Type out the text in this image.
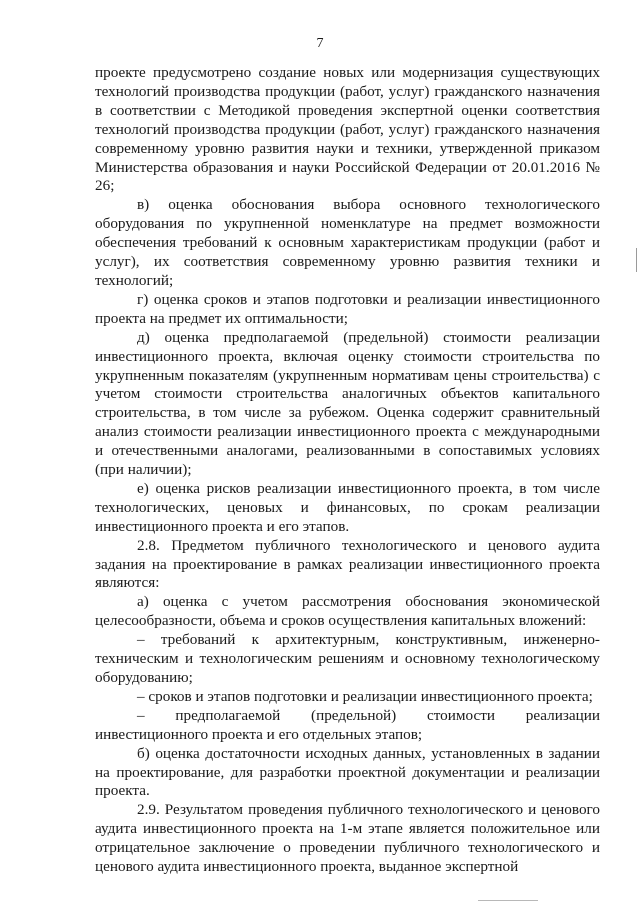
7

проекте предусмотрено создание новых или модернизация существующих технологий производства продукции (работ, услуг) гражданского назначения в соответствии с Методикой проведения экспертной оценки соответствия технологий производства продукции (работ, услуг) гражданского назначения современному уровню развития науки и техники, утвержденной приказом Министерства образования и науки Российской Федерации от 20.01.2016 № 26;

в) оценка обоснования выбора основного технологического оборудования по укрупненной номенклатуре на предмет возможности обеспечения требований к основным характеристикам продукции (работ и услуг), их соответствия современному уровню развития техники и технологий;

г) оценка сроков и этапов подготовки и реализации инвестиционного проекта на предмет их оптимальности;

д) оценка предполагаемой (предельной) стоимости реализации инвестиционного проекта, включая оценку стоимости строительства по укрупненным показателям (укрупненным нормативам цены строительства) с учетом стоимости строительства аналогичных объектов капитального строительства, в том числе за рубежом. Оценка содержит сравнительный анализ стоимости реализации инвестиционного проекта с международными и отечественными аналогами, реализованными в сопоставимых условиях (при наличии);

е) оценка рисков реализации инвестиционного проекта, в том числе технологических, ценовых и финансовых, по срокам реализации инвестиционного проекта и его этапов.

2.8. Предметом публичного технологического и ценового аудита задания на проектирование в рамках реализации инвестиционного проекта являются:

а) оценка с учетом рассмотрения обоснования экономической целесообразности, объема и сроков осуществления капитальных вложений:

– требований к архитектурным, конструктивным, инженерно-техническим и технологическим решениям и основному технологическому оборудованию;

– сроков и этапов подготовки и реализации инвестиционного проекта;

– предполагаемой (предельной) стоимости реализации инвестиционного проекта и его отдельных этапов;

б) оценка достаточности исходных данных, установленных в задании на проектирование, для разработки проектной документации и реализации проекта.

2.9. Результатом проведения публичного технологического и ценового аудита инвестиционного проекта на 1-м этапе является положительное или отрицательное заключение о проведении публичного технологического и ценового аудита инвестиционного проекта, выданное экспертной
